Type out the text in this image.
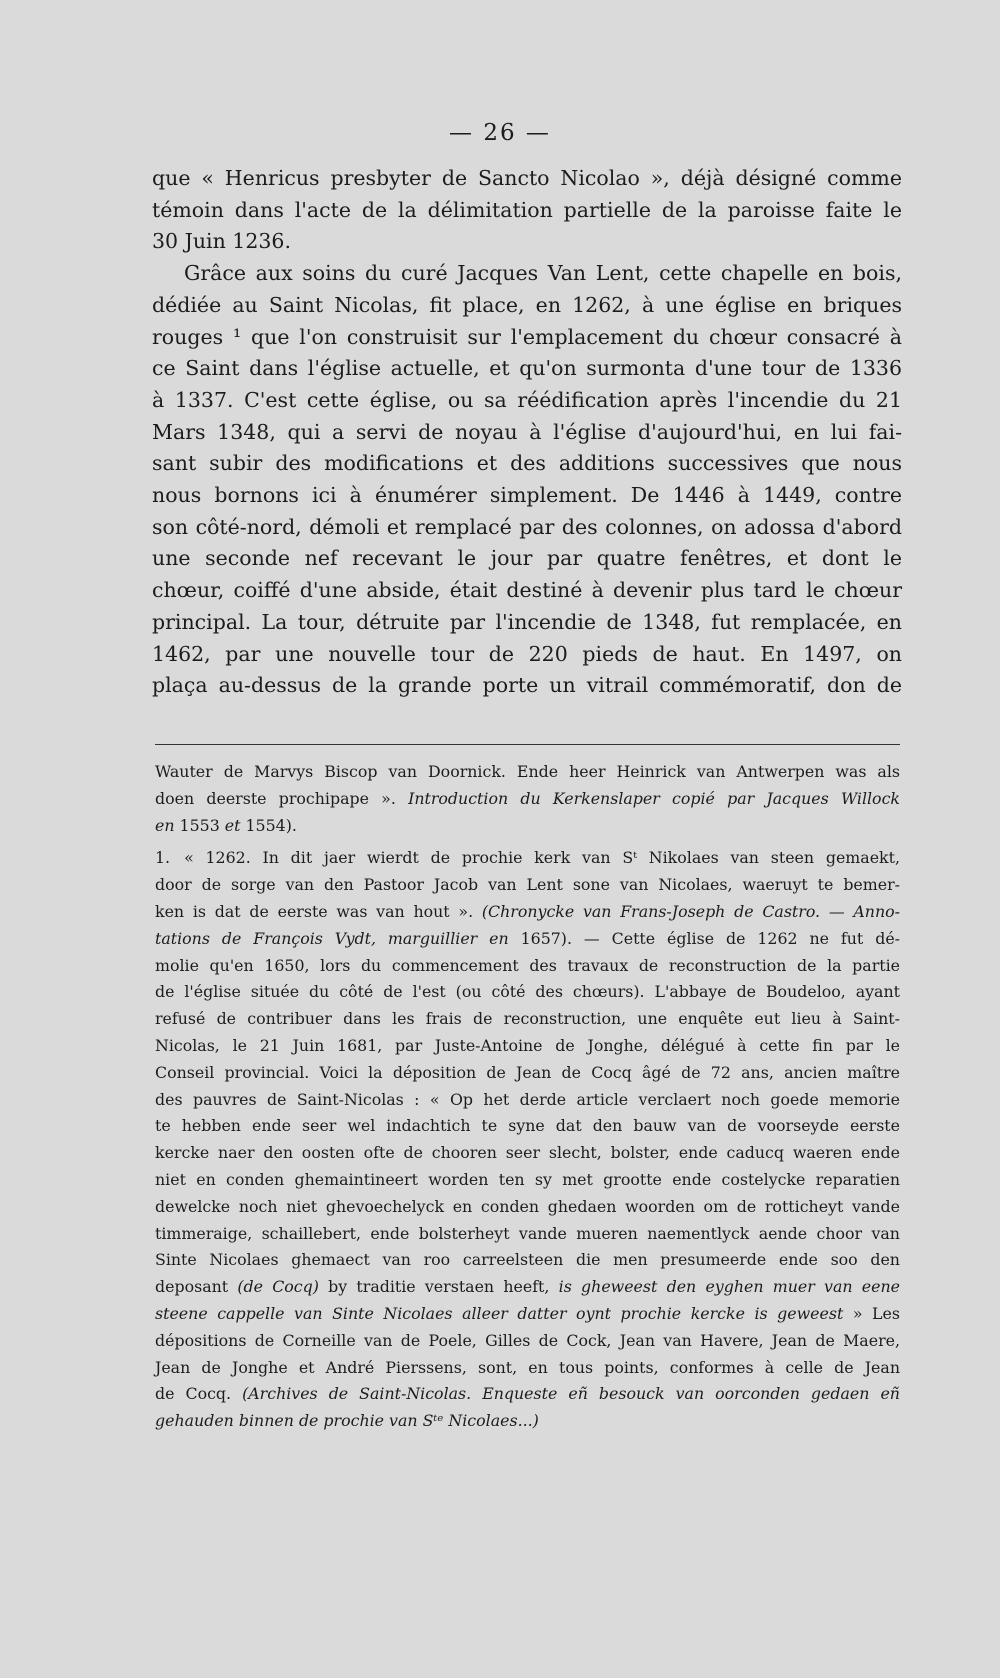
— 26 —
que « Henricus presbyter de Sancto Nicolao », déjà désigné comme
témoin dans l'acte de la délimitation partielle de la paroisse faite le
30 Juin 1236.
Grâce aux soins du curé Jacques Van Lent, cette chapelle en bois,
dédiée au Saint Nicolas, fit place, en 1262, à une église en briques
rouges ¹ que l'on construisit sur l'emplacement du chœur consacré à
ce Saint dans l'église actuelle, et qu'on surmonta d'une tour de 1336
à 1337. C'est cette église, ou sa réédification après l'incendie du 21
Mars 1348, qui a servi de noyau à l'église d'aujourd'hui, en lui fai-
sant subir des modifications et des additions successives que nous
nous bornons ici à énumérer simplement. De 1446 à 1449, contre
son côté-nord, démoli et remplacé par des colonnes, on adossa d'abord
une seconde nef recevant le jour par quatre fenêtres, et dont le
chœur, coiffé d'une abside, était destiné à devenir plus tard le chœur
principal. La tour, détruite par l'incendie de 1348, fut remplacée, en
1462, par une nouvelle tour de 220 pieds de haut. En 1497, on
plaça au-dessus de la grande porte un vitrail commémoratif, don de
Wauter de Marvys Biscop van Doornick. Ende heer Heinrick van Antwerpen was als
doen deerste prochipape ». Introduction du Kerkenslaper copié par Jacques Willock
en 1553 et 1554).
1. « 1262. In dit jaer wierdt de prochie kerk van Sᵗ Nikolaes van steen gemaekt,
door de sorge van den Pastoor Jacob van Lent sone van Nicolaes, waeruyt te bemer-
ken is dat de eerste was van hout ». (Chronycke van Frans-Joseph de Castro. — Anno-
tations de François Vydt, marguillier en 1657). — Cette église de 1262 ne fut dé-
molie qu'en 1650, lors du commencement des travaux de reconstruction de la partie
de l'église située du côté de l'est (ou côté des chœurs). L'abbaye de Boudeloo, ayant
refusé de contribuer dans les frais de reconstruction, une enquête eut lieu à Saint-
Nicolas, le 21 Juin 1681, par Juste-Antoine de Jonghe, délégué à cette fin par le
Conseil provincial. Voici la déposition de Jean de Cocq âgé de 72 ans, ancien maître
des pauvres de Saint-Nicolas : « Op het derde article verclaert noch goede memorie
te hebben ende seer wel indachtich te syne dat den bauw van de voorseyde eerste
kercke naer den oosten ofte de chooren seer slecht, bolster, ende caducq waeren ende
niet en conden ghemaintineert worden ten sy met grootte ende costelycke reparatien
dewelcke noch niet ghevoechelyck en conden ghedaen woorden om de rotticheyt vande
timmeraige, schaillebert, ende bolsterheyt vande mueren naementlyck aende choor van
Sinte Nicolaes ghemaect van roo carreelsteen die men presumeerde ende soo den
deposant (de Cocq) by traditie verstaen heeft, is gheweest den eyghen muer van eene
steene cappelle van Sinte Nicolaes alleer datter oynt prochie kercke is geweest » Les
dépositions de Corneille van de Poele, Gilles de Cock, Jean van Havere, Jean de Maere,
Jean de Jonghe et André Pierssens, sont, en tous points, conformes à celle de Jean
de Cocq. (Archives de Saint-Nicolas. Enqueste eñ besouck van oorconden gedaen eñ
gehauden binnen de prochie van Sᵗᵉ Nicolaes...)
